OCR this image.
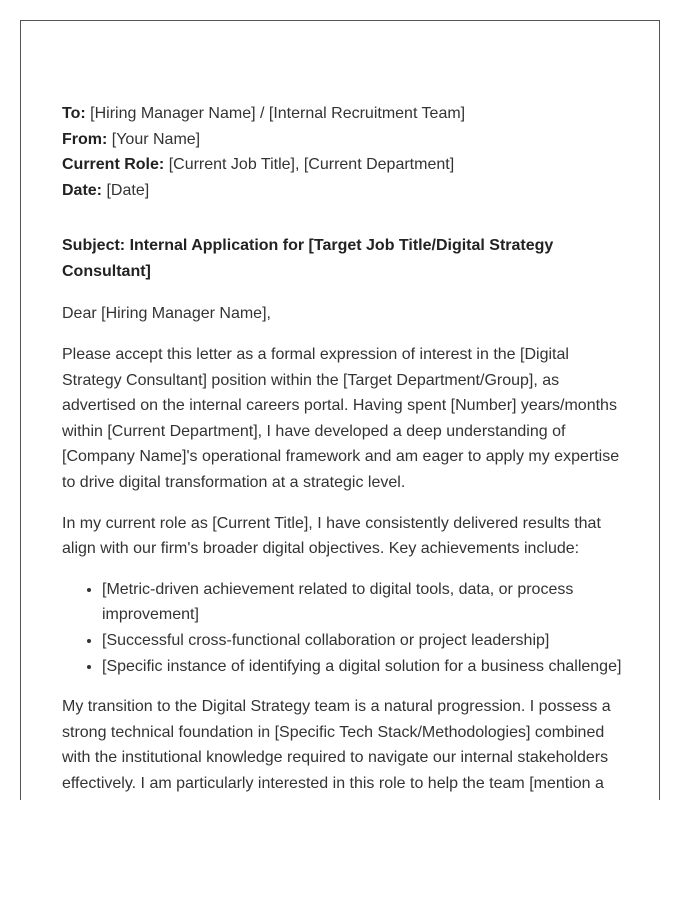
To: [Hiring Manager Name] / [Internal Recruitment Team]
From: [Your Name]
Current Role: [Current Job Title], [Current Department]
Date: [Date]

Subject: Internal Application for [Target Job Title/Digital Strategy Consultant]

Dear [Hiring Manager Name],

Please accept this letter as a formal expression of interest in the [Digital Strategy Consultant] position within the [Target Department/Group], as advertised on the internal careers portal. Having spent [Number] years/months within [Current Department], I have developed a deep understanding of [Company Name]'s operational framework and am eager to apply my expertise to drive digital transformation at a strategic level.

In my current role as [Current Title], I have consistently delivered results that align with our firm's broader digital objectives. Key achievements include:

• [Metric-driven achievement related to digital tools, data, or process improvement]
• [Successful cross-functional collaboration or project leadership]
• [Specific instance of identifying a digital solution for a business challenge]

My transition to the Digital Strategy team is a natural progression. I possess a strong technical foundation in [Specific Tech Stack/Methodologies] combined with the institutional knowledge required to navigate our internal stakeholders effectively. I am particularly interested in this role to help the team [mention a
